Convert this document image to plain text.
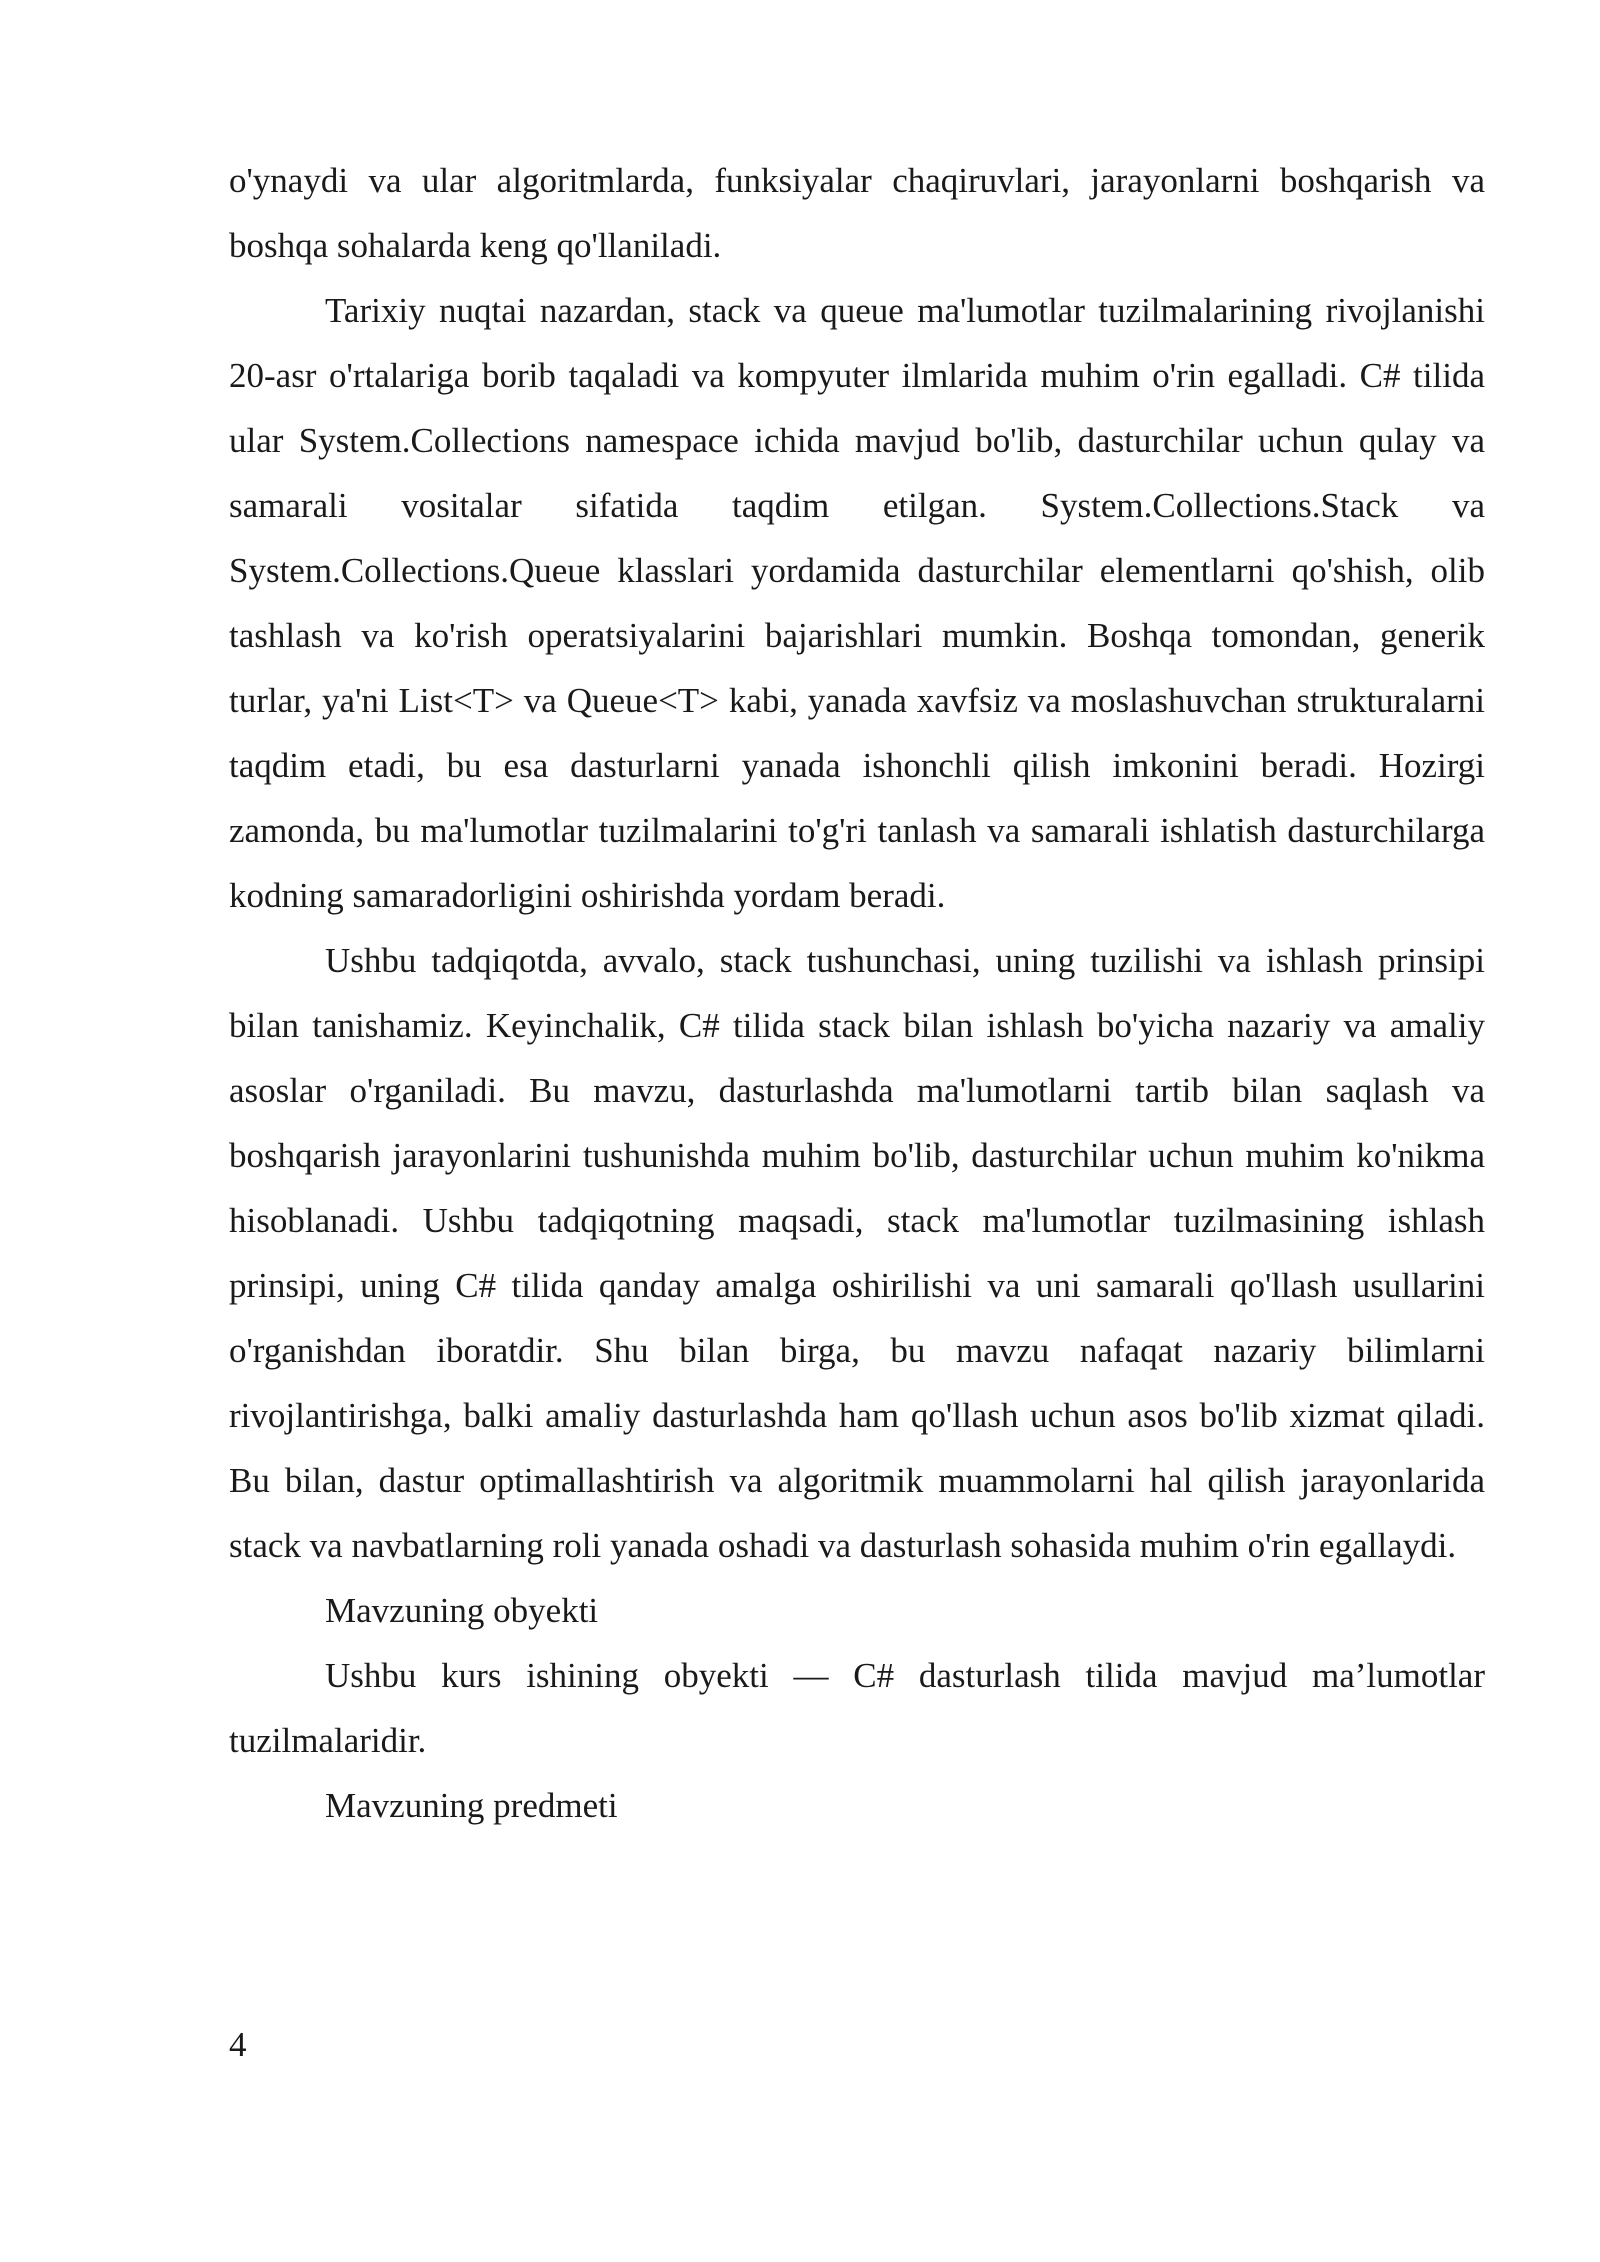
o'ynaydi va ular algoritmlarda, funksiyalar chaqiruvlari, jarayonlarni boshqarish va boshqa sohalarda keng qo'llaniladi.

Tarixiy nuqtai nazardan, stack va queue ma'lumotlar tuzilmalarining rivojlanishi 20-asr o'rtalariga borib taqaladi va kompyuter ilmlarida muhim o'rin egalladi. C# tilida ular System.Collections namespace ichida mavjud bo'lib, dasturchilar uchun qulay va samarali vositalar sifatida taqdim etilgan. System.Collections.Stack va System.Collections.Queue klasslari yordamida dasturchilar elementlarni qo'shish, olib tashlash va ko'rish operatsiyalarini bajarishlari mumkin. Boshqa tomondan, generik turlar, ya'ni List<T> va Queue<T> kabi, yanada xavfsiz va moslashuvchan strukturalarni taqdim etadi, bu esa dasturlarni yanada ishonchli qilish imkonini beradi. Hozirgi zamonda, bu ma'lumotlar tuzilmalarini to'g'ri tanlash va samarali ishlatish dasturchilarga kodning samaradorligini oshirishda yordam beradi.

Ushbu tadqiqotda, avvalo, stack tushunchasi, uning tuzilishi va ishlash prinsipi bilan tanishamiz. Keyinchalik, C# tilida stack bilan ishlash bo'yicha nazariy va amaliy asoslar o'rganiladi. Bu mavzu, dasturlashda ma'lumotlarni tartib bilan saqlash va boshqarish jarayonlarini tushunishda muhim bo'lib, dasturchilar uchun muhim ko'nikma hisoblanadi. Ushbu tadqiqotning maqsadi, stack ma'lumotlar tuzilmasining ishlash prinsipi, uning C# tilida qanday amalga oshirilishi va uni samarali qo'llash usullarini o'rganishdan iboratdir. Shu bilan birga, bu mavzu nafaqat nazariy bilimlarni rivojlantirishga, balki amaliy dasturlashda ham qo'llash uchun asos bo'lib xizmat qiladi. Bu bilan, dastur optimallashtirish va algoritmik muammolarni hal qilish jarayonlarida stack va navbatlarning roli yanada oshadi va dasturlash sohasida muhim o'rin egallaydi.

Mavzuning obyekti

Ushbu kurs ishining obyekti — C# dasturlash tilida mavjud ma’lumotlar tuzilmalaridir.

Mavzuning predmeti

4
